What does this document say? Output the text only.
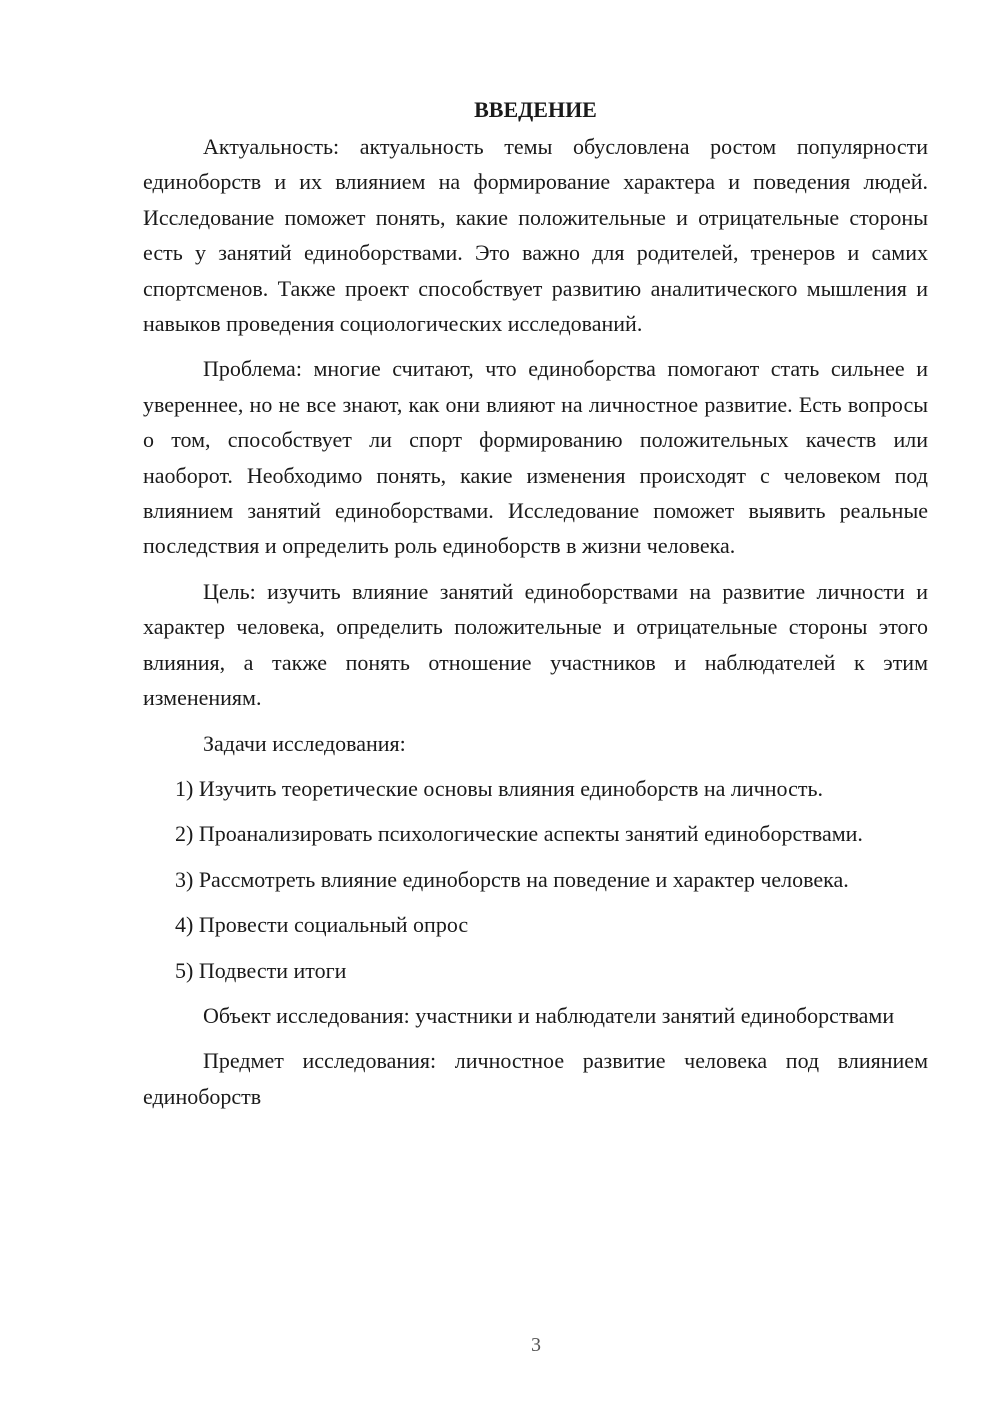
ВВЕДЕНИЕ

Актуальность: актуальность темы обусловлена ростом популярности единоборств и их влиянием на формирование характера и поведения людей. Исследование поможет понять, какие положительные и отрицательные стороны есть у занятий единоборствами. Это важно для родителей, тренеров и самих спортсменов. Также проект способствует развитию аналитического мышления и навыков проведения социологических исследований.

Проблема: многие считают, что единоборства помогают стать сильнее и увереннее, но не все знают, как они влияют на личностное развитие. Есть вопросы о том, способствует ли спорт формированию положительных качеств или наоборот. Необходимо понять, какие изменения происходят с человеком под влиянием занятий единоборствами. Исследование поможет выявить реальные последствия и определить роль единоборств в жизни человека.

Цель: изучить влияние занятий единоборствами на развитие личности и характер человека, определить положительные и отрицательные стороны этого влияния, а также понять отношение участников и наблюдателей к этим изменениям.

Задачи исследования:

1) Изучить теоретические основы влияния единоборств на личность.

2) Проанализировать психологические аспекты занятий единоборствами.

3) Рассмотреть влияние единоборств на поведение и характер человека.

4) Провести социальный опрос

5) Подвести итоги

Объект исследования: участники и наблюдатели занятий единоборствами

Предмет исследования: личностное развитие человека под влиянием единоборств

3
